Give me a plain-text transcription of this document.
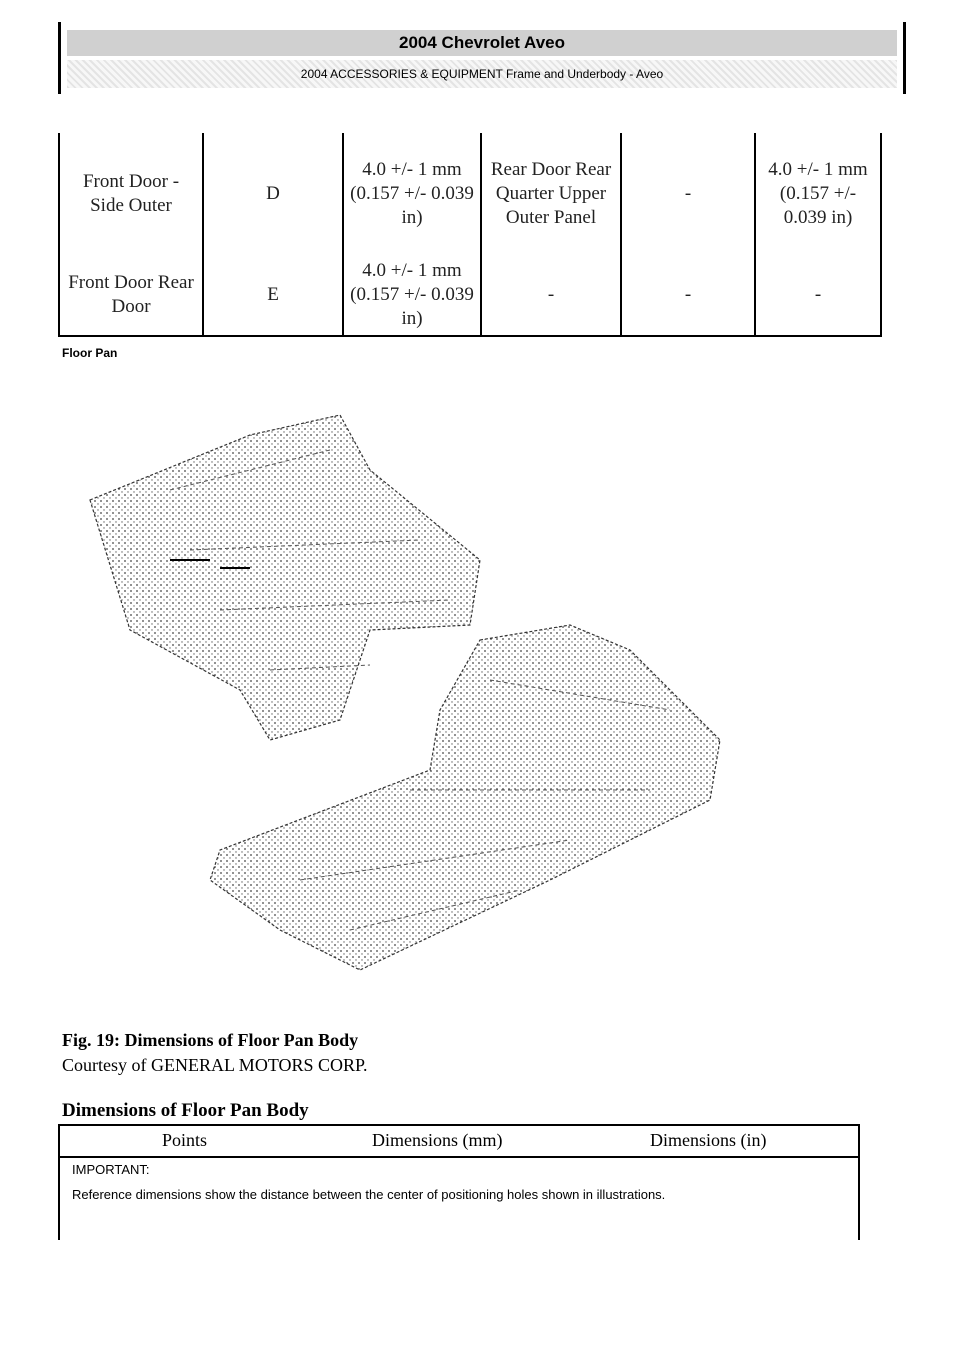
2004 Chevrolet Aveo
2004 ACCESSORIES & EQUIPMENT Frame and Underbody - Aveo
Front Door - Side Outer	D	4.0 +/- 1 mm (0.157 +/- 0.039 in)	Rear Door Rear Quarter Upper Outer Panel	-	4.0 +/- 1 mm (0.157 +/- 0.039 in)
Front Door Rear Door	E	4.0 +/- 1 mm (0.157 +/- 0.039 in)	-	-	-
Floor Pan
Fig. 19: Dimensions of Floor Pan Body
Courtesy of GENERAL MOTORS CORP.
Dimensions of Floor Pan Body
Points	Dimensions (mm)	Dimensions (in)
IMPORTANT:
Reference dimensions show the distance between the center of positioning holes shown in illustrations.
